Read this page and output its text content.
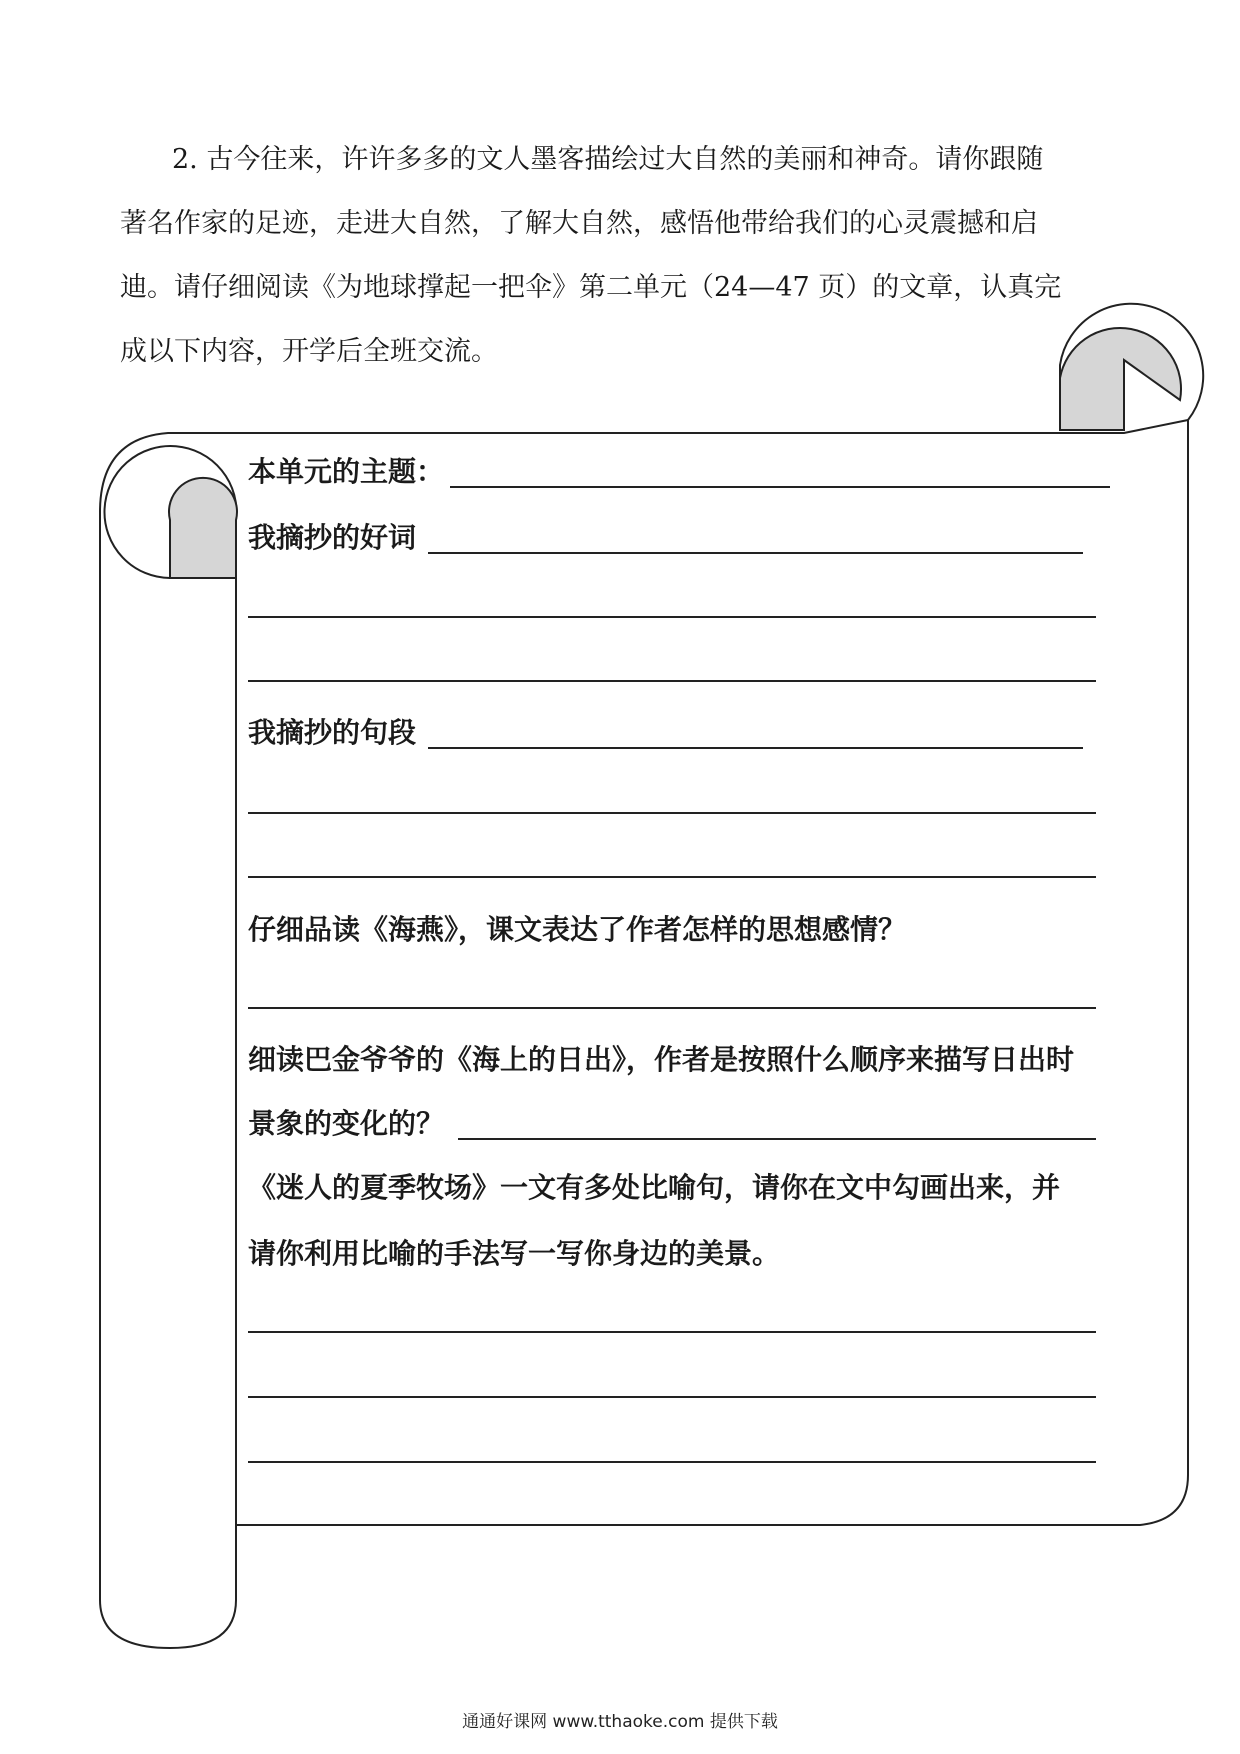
2. 古今往来，许许多多的文人墨客描绘过大自然的美丽和神奇。请你跟随
著名作家的足迹，走进大自然，了解大自然，感悟他带给我们的心灵震撼和启
迪。请仔细阅读《为地球撑起一把伞》第二单元（24—47 页）的文章，认真完
成以下内容，开学后全班交流。
本单元的主题：
我摘抄的好词
我摘抄的句段
仔细品读《海燕》，课文表达了作者怎样的思想感情？
细读巴金爷爷的《海上的日出》，作者是按照什么顺序来描写日出时
景象的变化的？
《迷人的夏季牧场》一文有多处比喻句，请你在文中勾画出来，并
请你利用比喻的手法写一写你身边的美景。
通通好课网 www.tthaoke.com 提供下载
